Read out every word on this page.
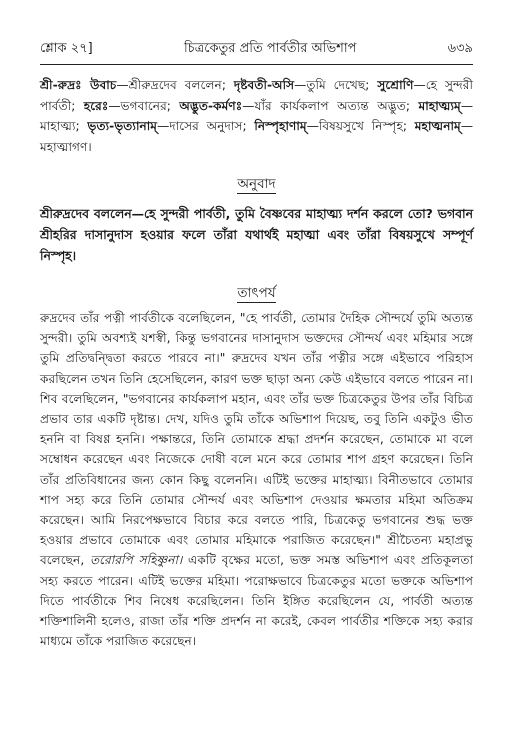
শ্লোক ২৭]	চিত্রকেতুর প্রতি পার্বতীর অভিশাপ	৬৩৯
শ্রী-রুদ্রঃ উবাচ—শ্রীরুদ্রদেব বললেন; দৃষ্টবতী-অসি—তুমি দেখেছ; সুশ্রোণি—হে সুন্দরী পার্বতী; হরেঃ—ভগবানের; অদ্ভুত-কর্মণঃ—যাঁর কার্যকলাপ অত্যন্ত অদ্ভুত; মাহাত্ম্যম্—মাহাত্ম্য; ভৃত্য-ভৃত্যানাম্—দাসের অনুদাস; নিস্পৃহাণাম্—বিষয়সুখে নিস্পৃহ; মহাত্মনাম্—মহাত্মাগণ।
অনুবাদ
শ্রীরুদ্রদেব বললেন—হে সুন্দরী পার্বতী, তুমি বৈষ্ণবের মাহাত্ম্য দর্শন করলে তো? ভগবান শ্রীহরির দাসানুদাস হওয়ার ফলে তাঁরা যথার্থই মহাত্মা এবং তাঁরা বিষয়সুখে সম্পূর্ণ নিস্পৃহ।
তাৎপর্য
রুদ্রদেব তাঁর পত্নী পার্বতীকে বলেছিলেন, "হে পার্বতী, তোমার দৈহিক সৌন্দর্যে তুমি অত্যন্ত সুন্দরী। তুমি অবশ্যই যশস্বী, কিন্তু ভগবানের দাসানুদাস ভক্তদের সৌন্দর্য এবং মহিমার সঙ্গে তুমি প্রতিদ্বন্দ্বিতা করতে পারবে না।" রুদ্রদেব যখন তাঁর পত্নীর সঙ্গে এইভাবে পরিহাস করছিলেন তখন তিনি হেসেছিলেন, কারণ ভক্ত ছাড়া অন্য কেউ এইভাবে বলতে পারেন না। শিব বলেছিলেন, "ভগবানের কার্যকলাপ মহান, এবং তাঁর ভক্ত চিত্রকেতুর উপর তাঁর বিচিত্র প্রভাব তার একটি দৃষ্টান্ত। দেখ, যদিও তুমি তাঁকে অভিশাপ দিয়েছ, তবু তিনি একটুও ভীত হননি বা বিষণ্ণ হননি। পক্ষান্তরে, তিনি তোমাকে শ্রদ্ধা প্রদর্শন করেছেন, তোমাকে মা বলে সম্বোধন করেছেন এবং নিজেকে দোষী বলে মনে করে তোমার শাপ গ্রহণ করেছেন। তিনি তাঁর প্রতিবিধানের জন্য কোন কিছু বলেননি। এটিই ভক্তের মাহাত্ম্য। বিনীতভাবে তোমার শাপ সহ্য করে তিনি তোমার সৌন্দর্য এবং অভিশাপ দেওয়ার ক্ষমতার মহিমা অতিক্রম করেছেন। আমি নিরপেক্ষভাবে বিচার করে বলতে পারি, চিত্রকেতু ভগবানের শুদ্ধ ভক্ত হওয়ার প্রভাবে তোমাকে এবং তোমার মহিমাকে পরাজিত করেছেন।" শ্রীচৈতন্য মহাপ্রভু বলেছেন, তরোরপি সহিষ্ণুনা। একটি বৃক্ষের মতো, ভক্ত সমস্ত অভিশাপ এবং প্রতিকূলতা সহ্য করতে পারেন। এটিই ভক্তের মহিমা। পরোক্ষভাবে চিত্রকেতুর মতো ভক্তকে অভিশাপ দিতে পার্বতীকে শিব নিষেধ করেছিলেন। তিনি ইঙ্গিত করেছিলেন যে, পার্বতী অত্যন্ত শক্তিশালিনী হলেও, রাজা তাঁর শক্তি প্রদর্শন না করেই, কেবল পার্বতীর শক্তিকে সহ্য করার মাধ্যমে তাঁকে পরাজিত করেছেন।
